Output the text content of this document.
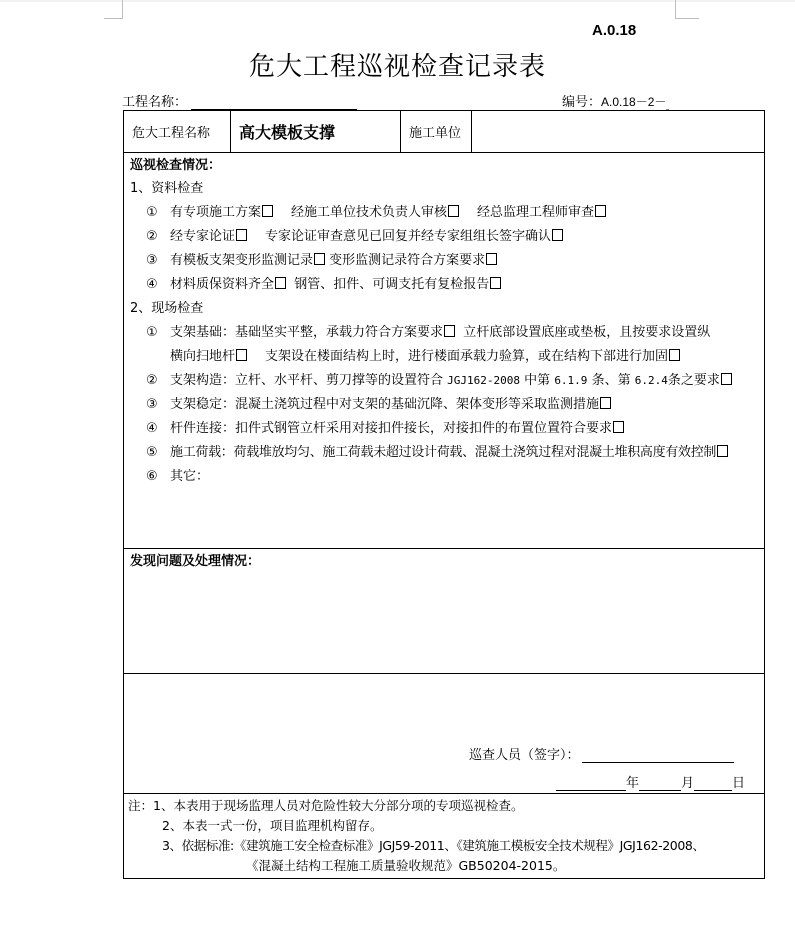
A.0.18
危大工程巡视检查记录表
工程名称：	编号：A.0.18－2－
危大工程名称	高大模板支撑	施工单位
巡视检查情况：
1、资料检查
① 有专项施工方案 经施工单位技术负责人审核 经总监理工程师审查
② 经专家论证 专家论证审查意见已回复并经专家组组长签字确认
③ 有模板支架变形监测记录 变形监测记录符合方案要求
④ 材料质保资料齐全 钢管、扣件、可调支托有复检报告
2、现场检查
① 支架基础：基础坚实平整，承载力符合方案要求 立杆底部设置底座或垫板，且按要求设置纵
横向扫地杆 支架设在楼面结构上时，进行楼面承载力验算，或在结构下部进行加固
② 支架构造：立杆、水平杆、剪刀撑等的设置符合 JGJ162-2008 中第 6.1.9 条、第 6.2.4条之要求
③ 支架稳定：混凝土浇筑过程中对支架的基础沉降、架体变形等采取监测措施
④ 杆件连接：扣件式钢管立杆采用对接扣件接长，对接扣件的布置位置符合要求
⑤ 施工荷载：荷载堆放均匀、施工荷载未超过设计荷载、混凝土浇筑过程对混凝土堆积高度有效控制
⑥ 其它：
发现问题及处理情况：
巡查人员（签字）：
年	月	日
注：1、本表用于现场监理人员对危险性较大分部分项的专项巡视检查。
2、本表一式一份，项目监理机构留存。
3、依据标准:《建筑施工安全检查标准》JGJ59-2011、《建筑施工模板安全技术规程》JGJ162-2008、
《混凝土结构工程施工质量验收规范》GB50204-2015。
